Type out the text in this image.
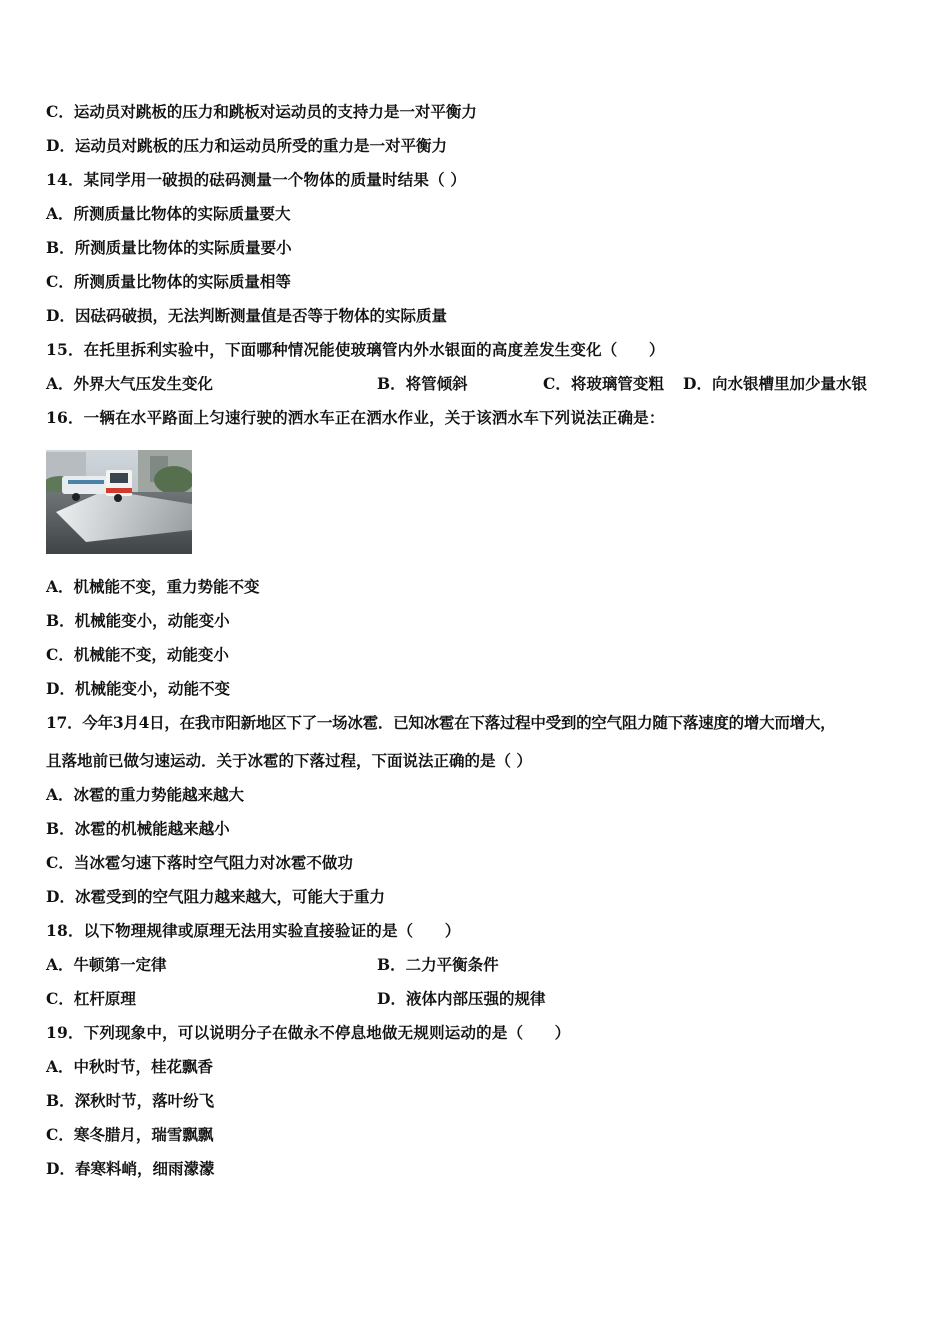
C．运动员对跳板的压力和跳板对运动员的支持力是一对平衡力
D．运动员对跳板的压力和运动员所受的重力是一对平衡力
14．某同学用一破损的砝码测量一个物体的质量时结果（ ）
A．所测质量比物体的实际质量要大
B．所测质量比物体的实际质量要小
C．所测质量比物体的实际质量相等
D．因砝码破损，无法判断测量值是否等于物体的实际质量
15．在托里拆利实验中，下面哪种情况能使玻璃管内外水银面的高度差发生变化（　　）
A．外界大气压发生变化	B．将管倾斜	C．将玻璃管变粗 D．向水银槽里加少量水银
16．一辆在水平路面上匀速行驶的洒水车正在洒水作业，关于该洒水车下列说法正确是：
A．机械能不变，重力势能不变
B．机械能变小，动能变小
C．机械能不变，动能变小
D．机械能变小，动能不变
17．今年3月4日，在我市阳新地区下了一场冰雹．已知冰雹在下落过程中受到的空气阻力随下落速度的增大而增大，
且落地前已做匀速运动．关于冰雹的下落过程，下面说法正确的是（ ）
A．冰雹的重力势能越来越大
B．冰雹的机械能越来越小
C．当冰雹匀速下落时空气阻力对冰雹不做功
D．冰雹受到的空气阻力越来越大，可能大于重力
18．以下物理规律或原理无法用实验直接验证的是（　　）
A．牛顿第一定律	B．二力平衡条件
C．杠杆原理	D．液体内部压强的规律
19．下列现象中，可以说明分子在做永不停息地做无规则运动的是（　　）
A．中秋时节，桂花飘香
B．深秋时节，落叶纷飞
C．寒冬腊月，瑞雪飘飘
D．春寒料峭，细雨濛濛
